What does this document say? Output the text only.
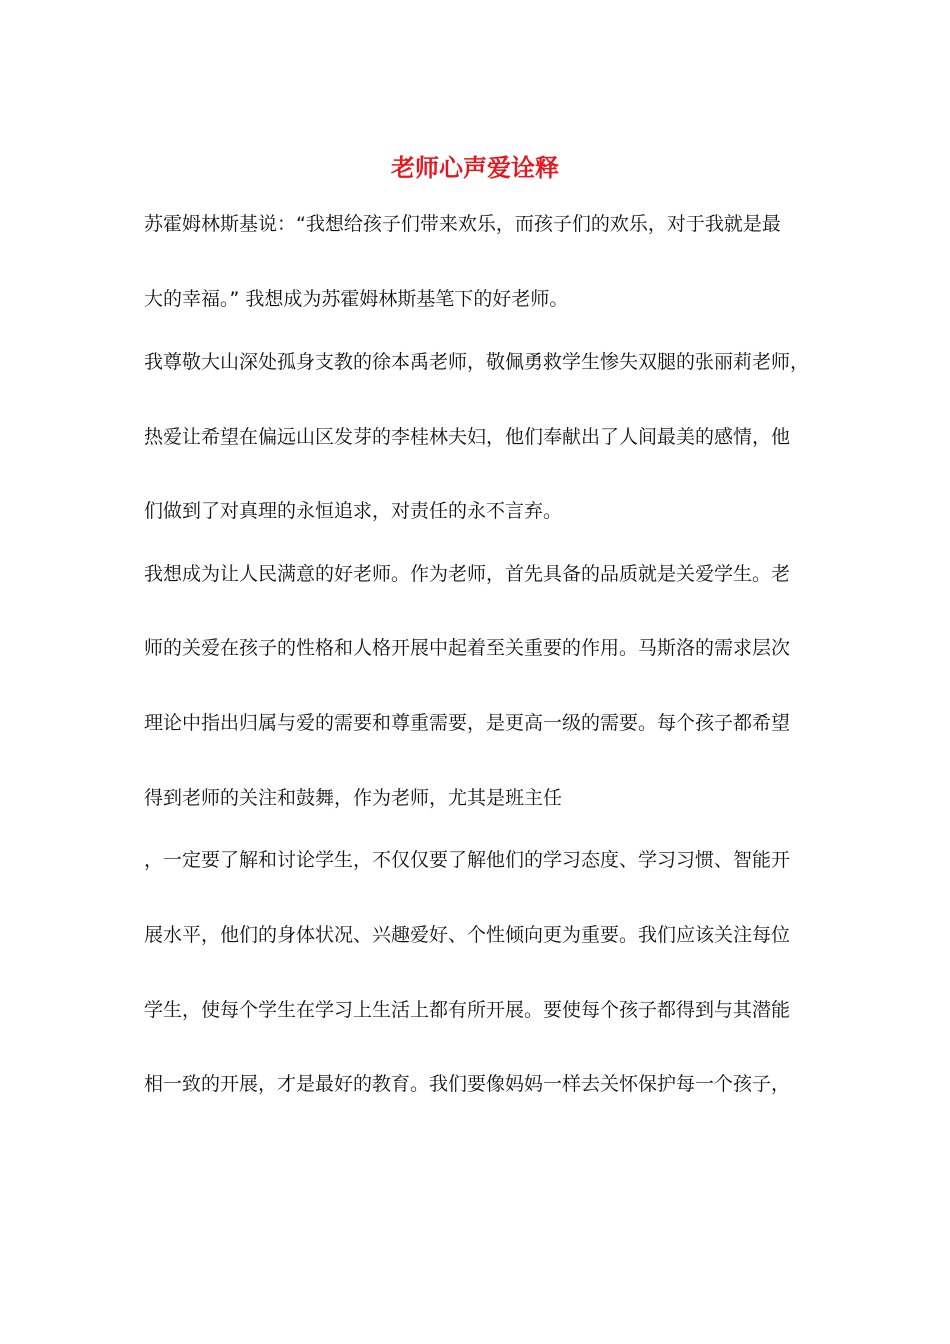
老师心声爱诠释
苏霍姆林斯基说：“我想给孩子们带来欢乐，而孩子们的欢乐，对于我就是最
大的幸福。” 我想成为苏霍姆林斯基笔下的好老师。
我尊敬大山深处孤身支教的徐本禹老师，敬佩勇救学生惨失双腿的张丽莉老师，
热爱让希望在偏远山区发芽的李桂林夫妇，他们奉献出了人间最美的感情，他
们做到了对真理的永恒追求，对责任的永不言弃。
我想成为让人民满意的好老师。作为老师，首先具备的品质就是关爱学生。老
师的关爱在孩子的性格和人格开展中起着至关重要的作用。马斯洛的需求层次
理论中指出归属与爱的需要和尊重需要，是更高一级的需要。每个孩子都希望
得到老师的关注和鼓舞，作为老师，尤其是班主任
，一定要了解和讨论学生，不仅仅要了解他们的学习态度、学习习惯、智能开
展水平，他们的身体状况、兴趣爱好、个性倾向更为重要。我们应该关注每位
学生，使每个学生在学习上生活上都有所开展。要使每个孩子都得到与其潜能
相一致的开展，才是最好的教育。我们要像妈妈一样去关怀保护每一个孩子，
